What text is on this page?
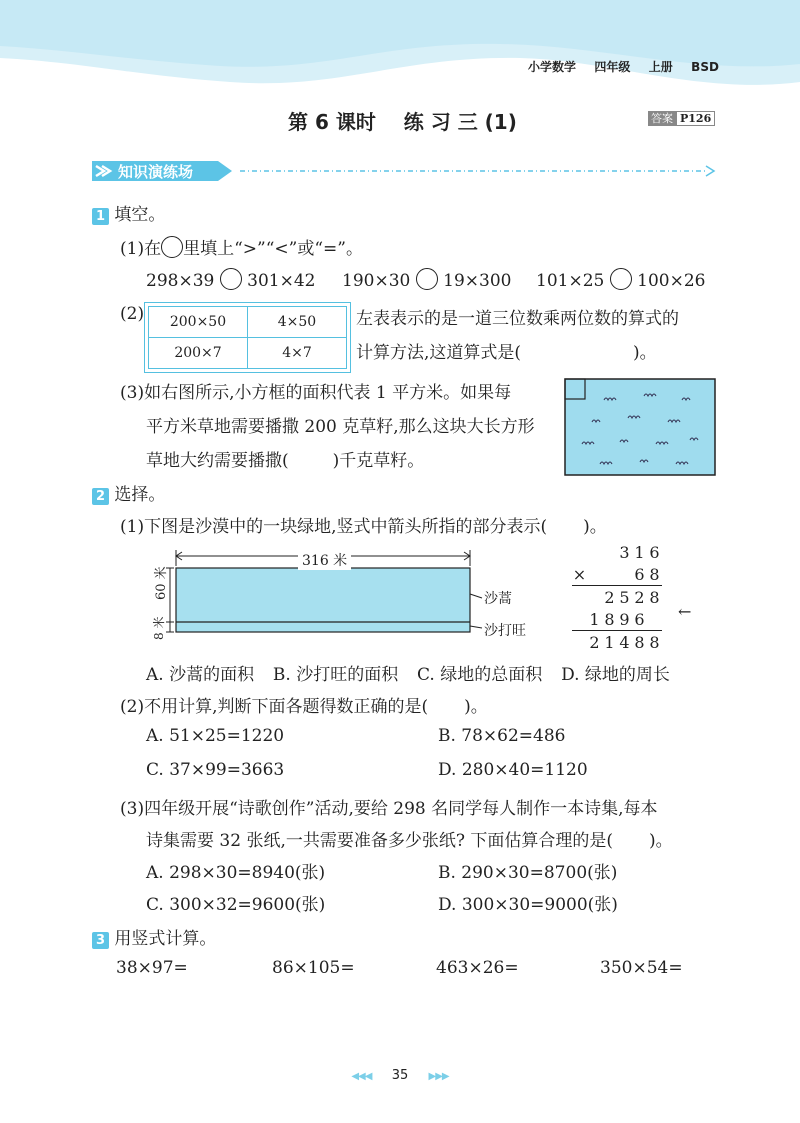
小学数学 四年级 上册 BSD
第 6 课时 练 习 三 (1)	答案 P126
知识演练场
1 填空。
(1)在 里填上“>”“<”或“=”。
298×39 301×42 190×30 19×300 101×25 100×26
(2) 200×50	4×50
200×7	4×7
左表表示的是一道三位数乘两位数的算式的
计算方法,这道算式是(	)。
(3)如右图所示,小方框的面积代表 1 平方米。如果每
平方米草地需要播撒 200 克草籽,那么这块大长方形
草地大约需要播撒(	)千克草籽。
2 选择。
(1)下图是沙漠中的一块绿地,竖式中箭头所指的部分表示( )。
316 米
60 米
8 米
沙蒿
沙打旺
			3	1	6
×				6	8
		2	5	2	8
	1	8	9	6	
	2	1	4	8	8
←
A. 沙蒿的面积 B. 沙打旺的面积 C. 绿地的总面积 D. 绿地的周长
(2)不用计算,判断下面各题得数正确的是( )。
A. 51×25=1220	B. 78×62=486
C. 37×99=3663	D. 280×40=1120
(3)四年级开展“诗歌创作”活动,要给 298 名同学每人制作一本诗集,每本
诗集需要 32 张纸,一共需要准备多少张纸? 下面估算合理的是( )。
A. 298×30=8940(张)	B. 290×30=8700(张)
C. 300×32=9600(张)	D. 300×30=9000(张)
3 用竖式计算。
38×97=	86×105=	463×26=	350×54=
◀◀◀ 35 ▶▶▶
